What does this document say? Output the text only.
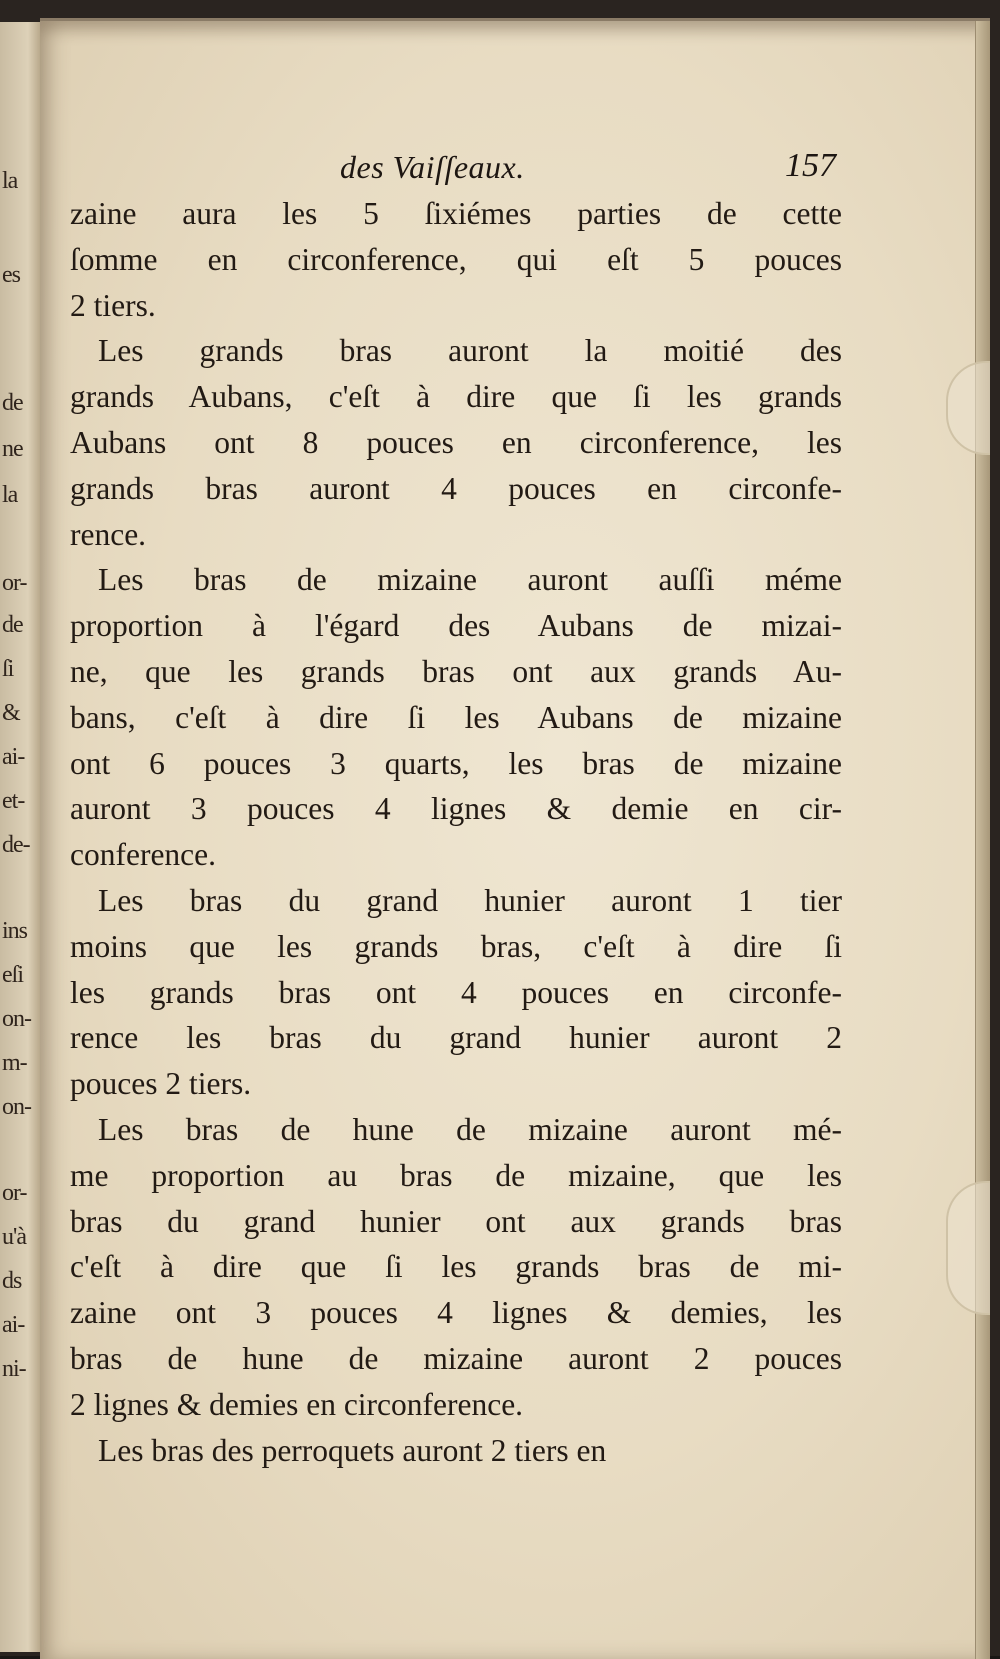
la
es
de
ne
la
or-
de
ſi
&
ai-
et-
de-
ins
eſi
on-
m-
on-
or-
u'à
ds
ai-
ni-
des Vaiſſeaux.	157
zaine aura les 5 ſixiémes parties de cette
ſomme en circonference, qui eſt 5 pouces
2 tiers.
Les grands bras auront la moitié des
grands Aubans, c'eſt à dire que ſi les grands
Aubans ont 8 pouces en circonference, les
grands bras auront 4 pouces en circonfe-
rence.
Les bras de mizaine auront auſſi méme
proportion à l'égard des Aubans de mizai-
ne, que les grands bras ont aux grands Au-
bans, c'eſt à dire ſi les Aubans de mizaine
ont 6 pouces 3 quarts, les bras de mizaine
auront 3 pouces 4 lignes & demie en cir-
conference.
Les bras du grand hunier auront 1 tier
moins que les grands bras, c'eſt à dire ſi
les grands bras ont 4 pouces en circonfe-
rence les bras du grand hunier auront 2
pouces 2 tiers.
Les bras de hune de mizaine auront mé-
me proportion au bras de mizaine, que les
bras du grand hunier ont aux grands bras
c'eſt à dire que ſi les grands bras de mi-
zaine ont 3 pouces 4 lignes & demies, les
bras de hune de mizaine auront 2 pouces
2 lignes & demies en circonference.
Les bras des perroquets auront 2 tiers en
